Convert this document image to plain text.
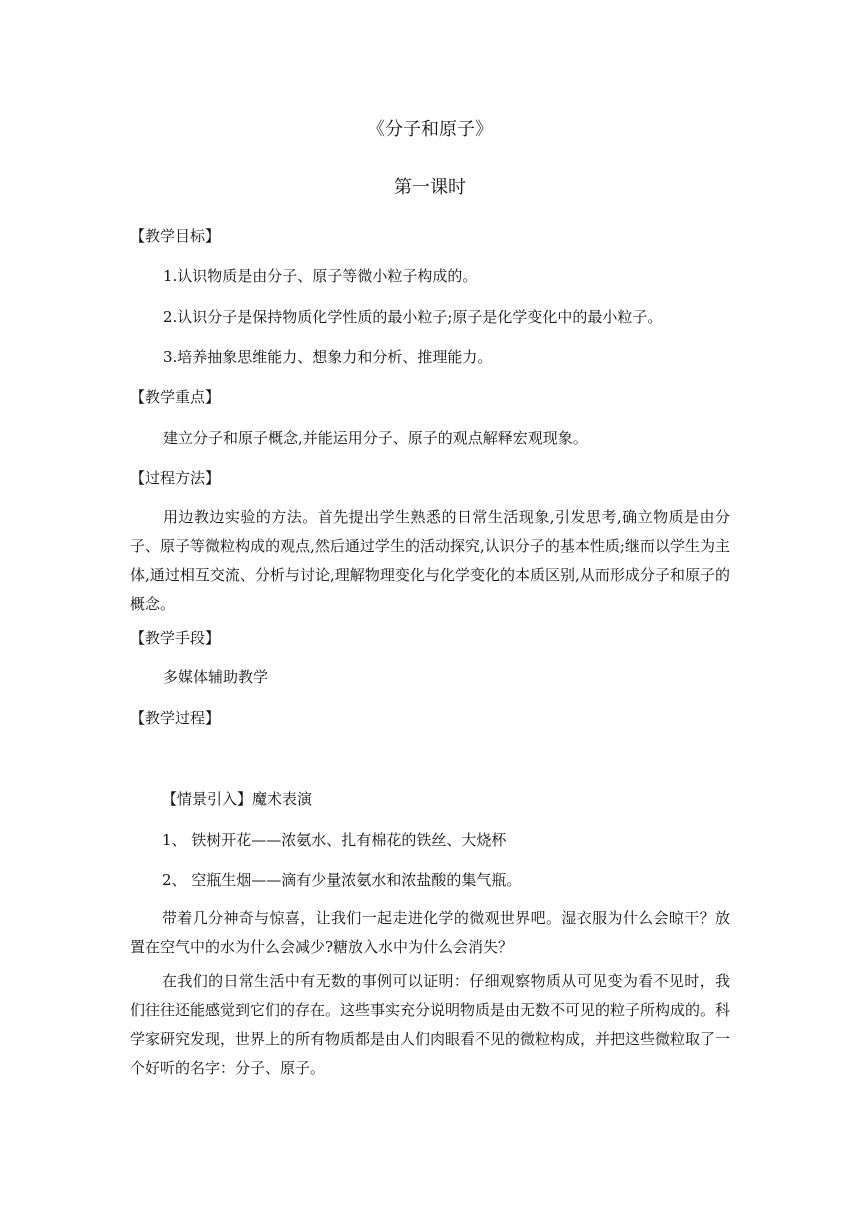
《分子和原子》
第一课时
【教学目标】
1.认识物质是由分子、原子等微小粒子构成的。
2.认识分子是保持物质化学性质的最小粒子;原子是化学变化中的最小粒子。
3.培养抽象思维能力、想象力和分析、推理能力。
【教学重点】
建立分子和原子概念,并能运用分子、原子的观点解释宏观现象。
【过程方法】
用边教边实验的方法。首先提出学生熟悉的日常生活现象,引发思考,确立物质是由分子、原子等微粒构成的观点,然后通过学生的活动探究,认识分子的基本性质;继而以学生为主体,通过相互交流、分析与讨论,理解物理变化与化学变化的本质区别,从而形成分子和原子的概念。
【教学手段】
多媒体辅助教学
【教学过程】
【情景引入】魔术表演
1、 铁树开花——浓氨水、扎有棉花的铁丝、大烧杯
2、 空瓶生烟——滴有少量浓氨水和浓盐酸的集气瓶。
带着几分神奇与惊喜，让我们一起走进化学的微观世界吧。湿衣服为什么会晾干？放置在空气中的水为什么会减少?糖放入水中为什么会消失？
在我们的日常生活中有无数的事例可以证明：仔细观察物质从可见变为看不见时，我们往往还能感觉到它们的存在。这些事实充分说明物质是由无数不可见的粒子所构成的。科学家研究发现，世界上的所有物质都是由人们肉眼看不见的微粒构成，并把这些微粒取了一个好听的名字：分子、原子。
